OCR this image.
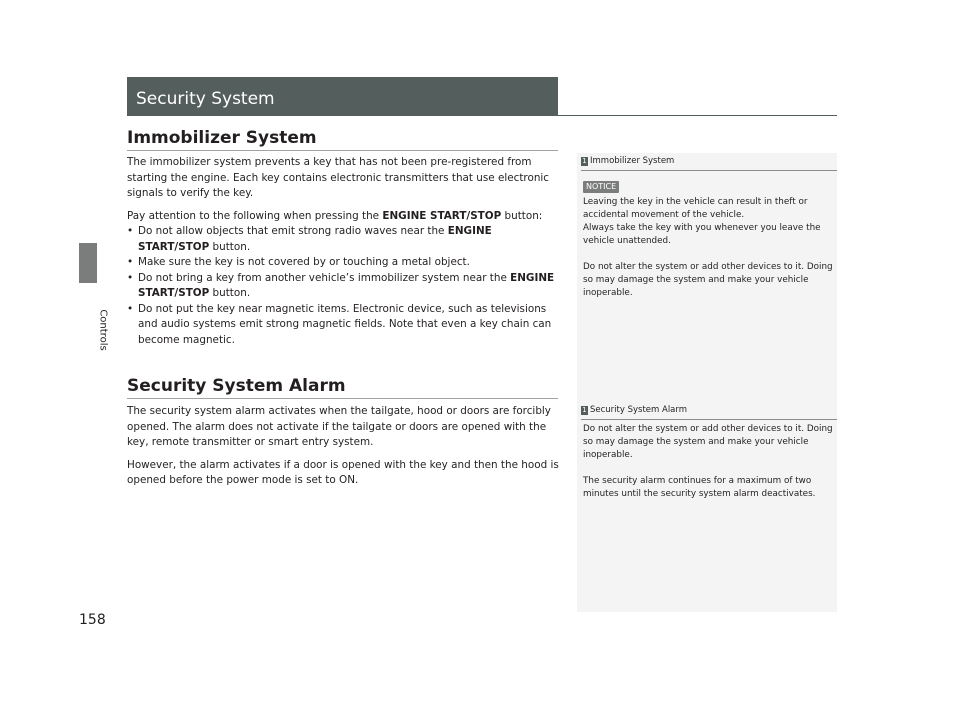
Controls
158
Security System
Immobilizer System

The immobilizer system prevents a key that has not been pre-registered from starting the engine. Each key contains electronic transmitters that use electronic signals to verify the key.

Pay attention to the following when pressing the ENGINE START/STOP button:

• Do not allow objects that emit strong radio waves near the ENGINE START/STOP button.
• Make sure the key is not covered by or touching a metal object.
• Do not bring a key from another vehicle’s immobilizer system near the ENGINE START/STOP button.
• Do not put the key near magnetic items. Electronic device, such as televisions and audio systems emit strong magnetic fields. Note that even a key chain can become magnetic.
Security System Alarm

The security system alarm activates when the tailgate, hood or doors are forcibly opened. The alarm does not activate if the tailgate or doors are opened with the key, remote transmitter or smart entry system.

However, the alarm activates if a door is opened with the key and then the hood is opened before the power mode is set to ON.

1 Immobilizer System
NOTICE

Leaving the key in the vehicle can result in theft or accidental movement of the vehicle.
Always take the key with you whenever you leave the vehicle unattended.

Do not alter the system or add other devices to it. Doing so may damage the system and make your vehicle inoperable.

1 Security System Alarm

Do not alter the system or add other devices to it. Doing so may damage the system and make your vehicle inoperable.

The security alarm continues for a maximum of two minutes until the security system alarm deactivates.
